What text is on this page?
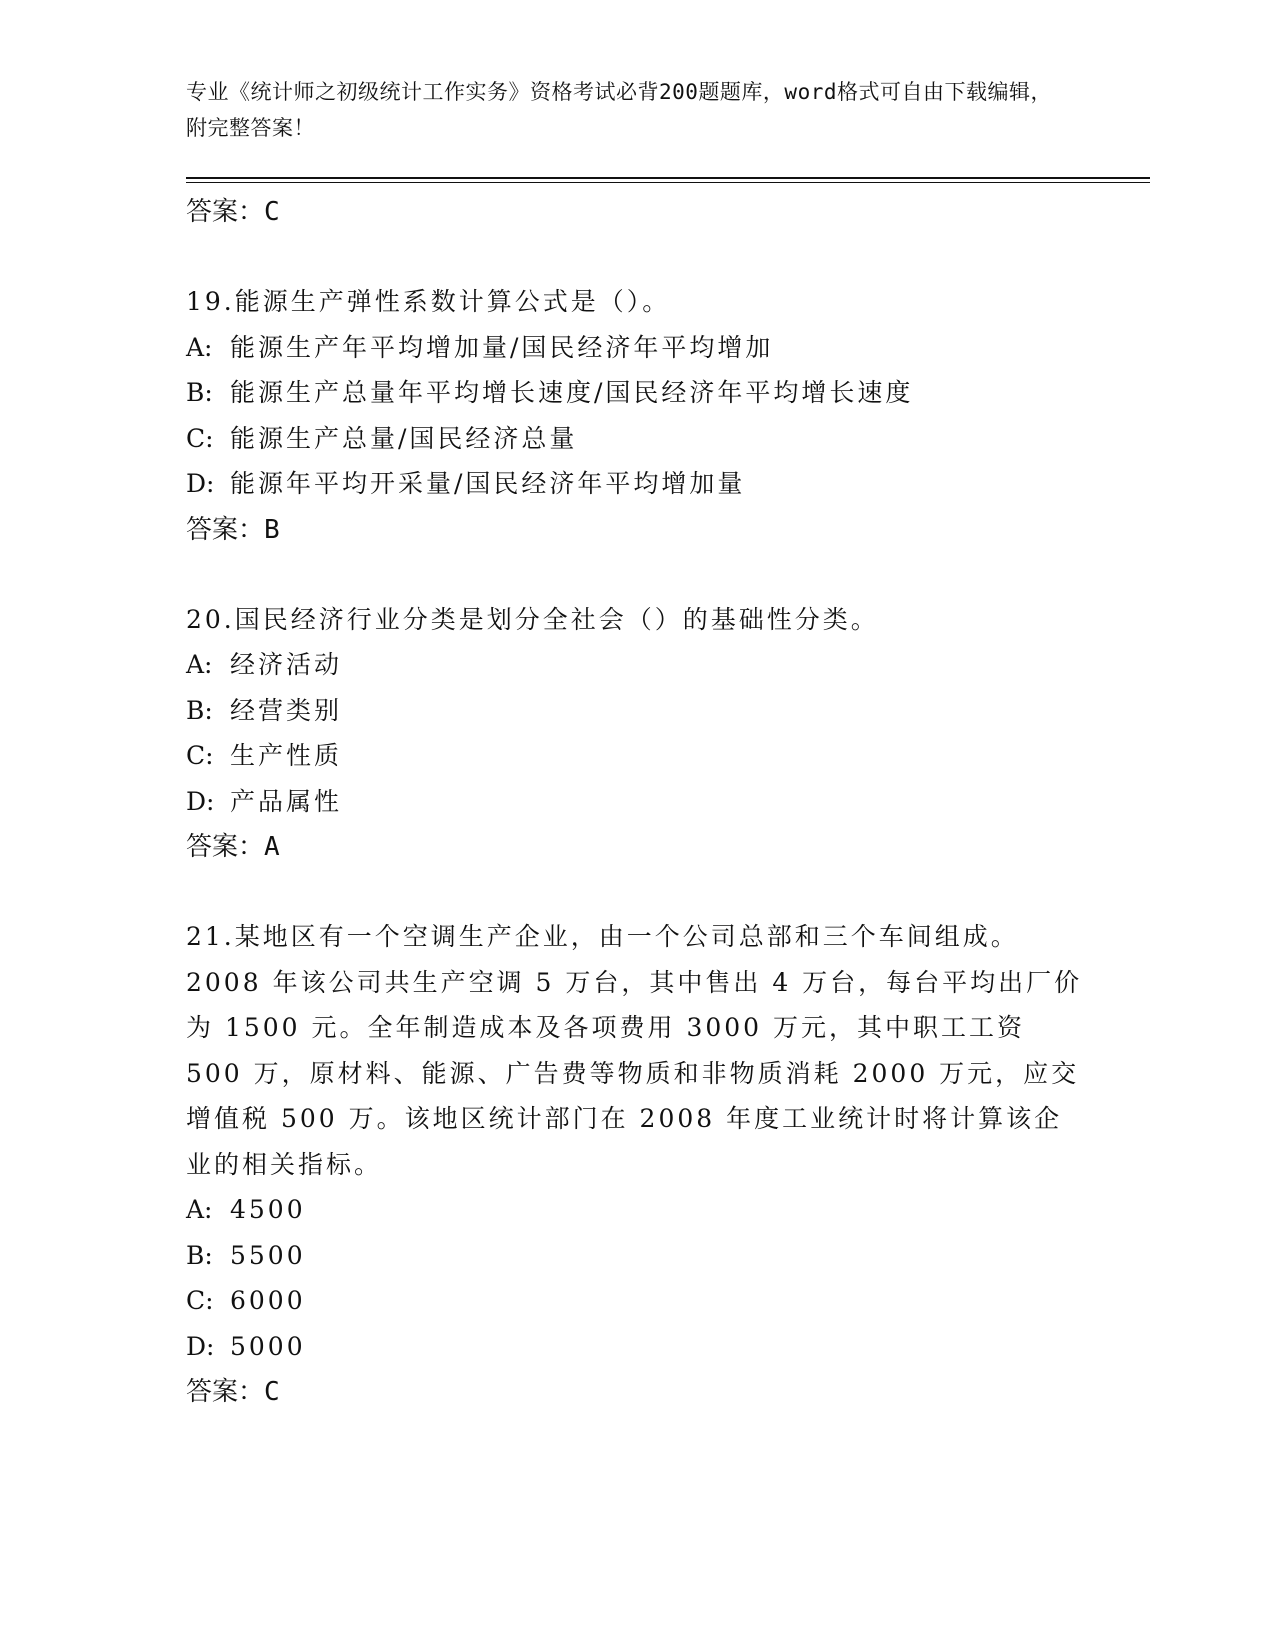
专业《统计师之初级统计工作实务》资格考试必背200题题库，word格式可自由下载编辑，附完整答案！
答案：C
19.能源生产弹性系数计算公式是（）。
A: 能源生产年平均增加量/国民经济年平均增加
B: 能源生产总量年平均增长速度/国民经济年平均增长速度
C: 能源生产总量/国民经济总量
D: 能源年平均开采量/国民经济年平均增加量
答案：B
20.国民经济行业分类是划分全社会（）的基础性分类。
A: 经济活动
B: 经营类别
C: 生产性质
D: 产品属性
答案：A
21.某地区有一个空调生产企业，由一个公司总部和三个车间组成。2008 年该公司共生产空调 5 万台，其中售出 4 万台，每台平均出厂价为 1500 元。全年制造成本及各项费用 3000 万元，其中职工工资 500 万，原材料、能源、广告费等物质和非物质消耗 2000 万元，应交增值税 500 万。该地区统计部门在 2008 年度工业统计时将计算该企业的相关指标。
A: 4500
B: 5500
C: 6000
D: 5000
答案：C
